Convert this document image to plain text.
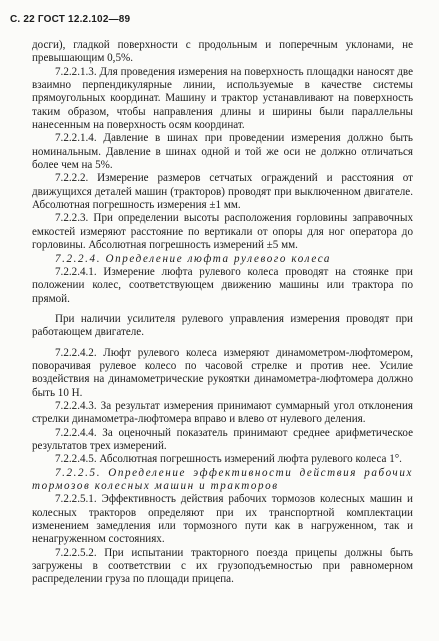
С. 22 ГОСТ 12.2.102—89

досги), гладкой поверхности с продольным и поперечным уклонами, не превышающим 0,5%.

7.2.2.1.3. Для проведения измерения на поверхность площадки наносят две взаимно перпендикулярные линии, используемые в качестве системы прямоугольных координат. Машину и трактор устанавливают на поверхность таким образом, чтобы направления длины и ширины были параллельны нанесенным на поверхность осям координат.

7.2.2.1.4. Давление в шинах при проведении измерения должно быть номинальным. Давление в шинах одной и той же оси не должно отличаться более чем на 5%.

7.2.2.2. Измерение размеров сетчатых ограждений и расстояния от движущихся деталей машин (тракторов) проводят при выключенном двигателе. Абсолютная погрешность измерения ±1 мм.

7.2.2.3. При определении высоты расположения горловины заправочных емкостей измеряют расстояние по вертикали от опоры для ног оператора до горловины. Абсолютная погрешность измерений ±5 мм.

7.2.2.4. Определение люфта рулевого колеса

7.2.2.4.1. Измерение люфта рулевого колеса проводят на стоянке при положении колес, соответствующем движению машины или трактора по прямой.

При наличии усилителя рулевого управления измерения проводят при работающем двигателе.

7.2.2.4.2. Люфт рулевого колеса измеряют динамометром-люфтомером, поворачивая рулевое колесо по часовой стрелке и против нее. Усилие воздействия на динамометрические рукоятки динамометра-люфтомера должно быть 10 Н.

7.2.2.4.3. За результат измерения принимают суммарный угол отклонения стрелки динамометра-люфтомера вправо и влево от нулевого деления.

7.2.2.4.4. За оценочный показатель принимают среднее арифметическое результатов трех измерений.

7.2.2.4.5. Абсолютная погрешность измерений люфта рулевого колеса 1°.

7.2.2.5. Определение эффективности действия рабочих тормозов колесных машин и тракторов

7.2.2.5.1. Эффективность действия рабочих тормозов колесных машин и колесных тракторов определяют при их транспортной комплектации изменением замедления или тормозного пути как в нагруженном, так и ненагруженном состояниях.

7.2.2.5.2. При испытании тракторного поезда прицепы должны быть загружены в соответствии с их грузоподъемностью при равномерном распределении груза по площади прицепа.
